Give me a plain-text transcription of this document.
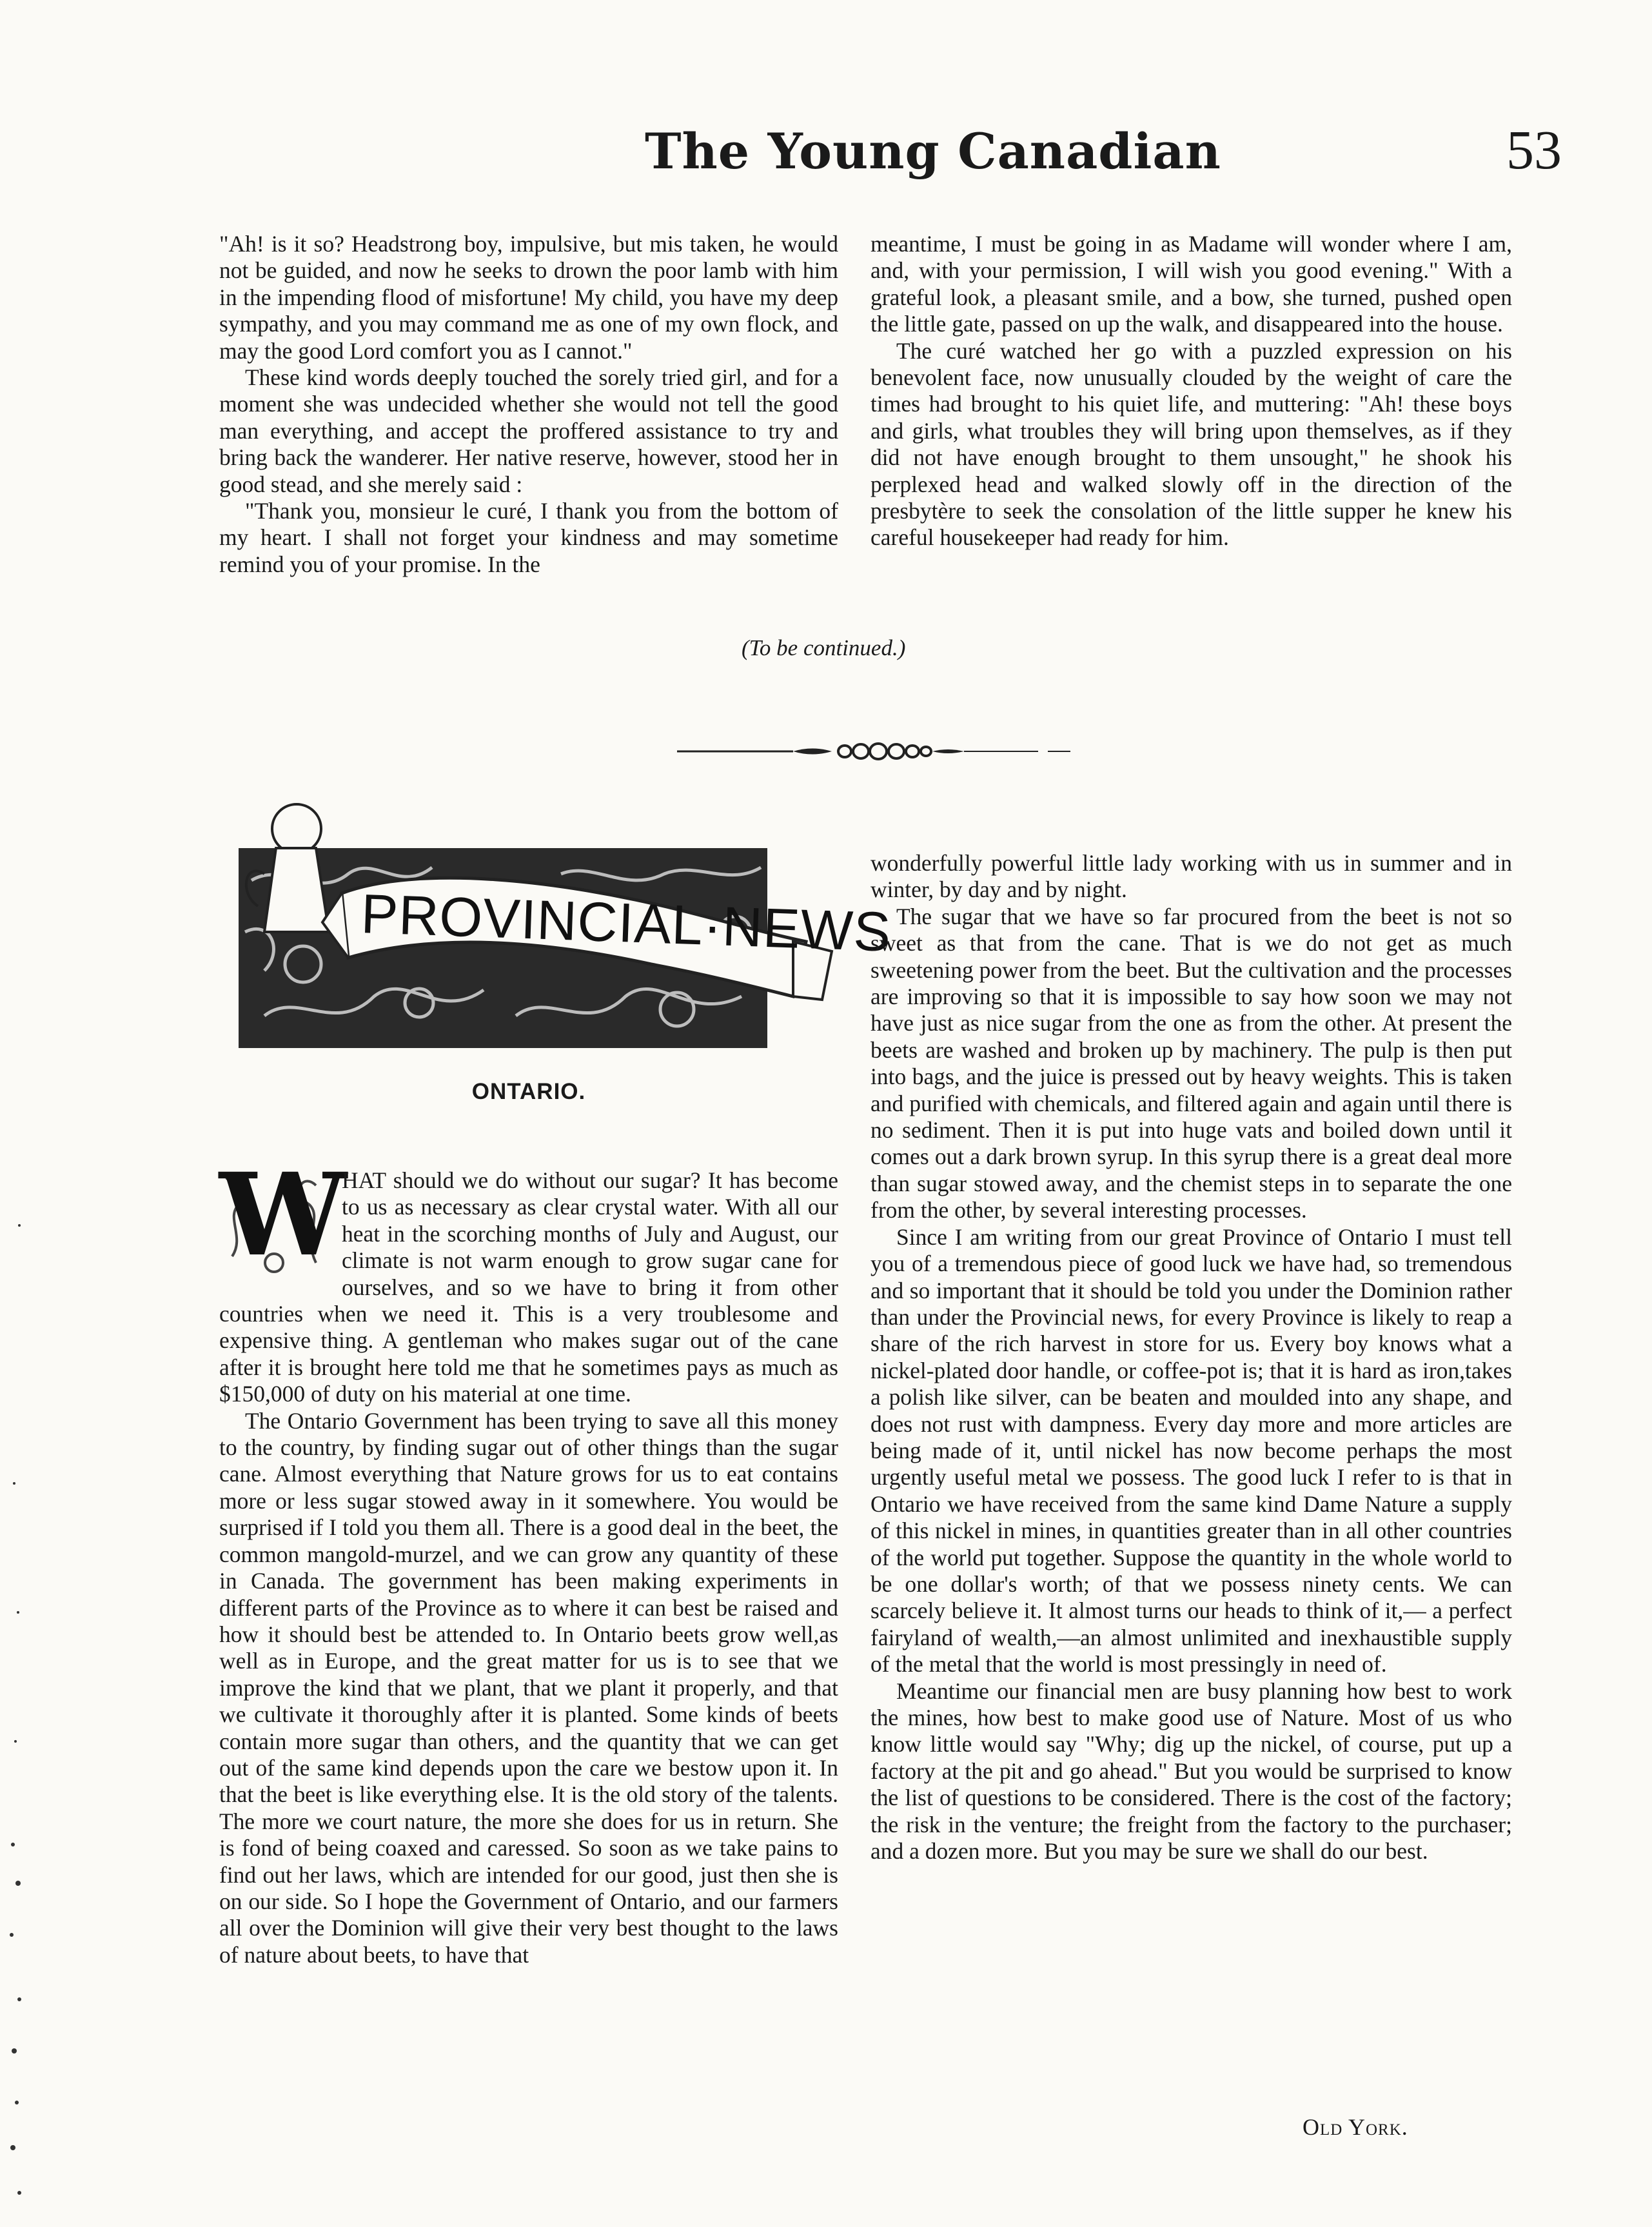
The Young Canadian	53

"Ah! is it so? Headstrong boy, impulsive, but mis taken, he would not be guided, and now he seeks to drown the poor lamb with him in the impending flood of misfortune! My child, you have my deep sympathy, and you may command me as one of my own flock, and may the good Lord comfort you as I cannot."

These kind words deeply touched the sorely tried girl, and for a moment she was undecided whether she would not tell the good man everything, and accept the proffered assistance to try and bring back the wanderer. Her native reserve, however, stood her in good stead, and she merely said :

"Thank you, monsieur le curé, I thank you from the bottom of my heart. I shall not forget your kindness and may sometime remind you of your promise. In the

meantime, I must be going in as Madame will wonder where I am, and, with your permission, I will wish you good evening." With a grateful look, a pleasant smile, and a bow, she turned, pushed open the little gate, passed on up the walk, and disappeared into the house.

The curé watched her go with a puzzled expression on his benevolent face, now unusually clouded by the weight of care the times had brought to his quiet life, and muttering: "Ah! these boys and girls, what troubles they will bring upon themselves, as if they did not have enough brought to them unsought," he shook his perplexed head and walked slowly off in the direction of the presbytère to seek the consolation of the little supper he knew his careful housekeeper had ready for him.

(To be continued.)
PROVINCIAL·NEWS
ONTARIO.
W

HAT should we do without our sugar? It has become to us as necessary as clear crystal water. With all our heat in the scorching months of July and August, our climate is not warm enough to grow sugar cane for ourselves, and so we have to bring it from other countries when we need it. This is a very troublesome and expensive thing. A gentleman who makes sugar out of the cane after it is brought here told me that he sometimes pays as much as $150,000 of duty on his material at one time.

The Ontario Government has been trying to save all this money to the country, by finding sugar out of other things than the sugar cane. Almost everything that Nature grows for us to eat contains more or less sugar stowed away in it somewhere. You would be surprised if I told you them all. There is a good deal in the beet, the common mangold-murzel, and we can grow any quantity of these in Canada. The government has been making experiments in different parts of the Province as to where it can best be raised and how it should best be attended to. In Ontario beets grow well,as well as in Europe, and the great matter for us is to see that we improve the kind that we plant, that we plant it properly, and that we cultivate it thoroughly after it is planted. Some kinds of beets contain more sugar than others, and the quantity that we can get out of the same kind depends upon the care we bestow upon it. In that the beet is like everything else. It is the old story of the talents. The more we court nature, the more she does for us in return. She is fond of being coaxed and caressed. So soon as we take pains to find out her laws, which are intended for our good, just then she is on our side. So I hope the Government of Ontario, and our farmers all over the Dominion will give their very best thought to the laws of nature about beets, to have that

wonderfully powerful little lady working with us in summer and in winter, by day and by night.

The sugar that we have so far procured from the beet is not so sweet as that from the cane. That is we do not get as much sweetening power from the beet. But the cultivation and the processes are improving so that it is impossible to say how soon we may not have just as nice sugar from the one as from the other. At present the beets are washed and broken up by machinery. The pulp is then put into bags, and the juice is pressed out by heavy weights. This is taken and purified with chemicals, and filtered again and again until there is no sediment. Then it is put into huge vats and boiled down until it comes out a dark brown syrup. In this syrup there is a great deal more than sugar stowed away, and the chemist steps in to separate the one from the other, by several interesting processes.

Since I am writing from our great Province of Ontario I must tell you of a tremendous piece of good luck we have had, so tremendous and so important that it should be told you under the Dominion rather than under the Provincial news, for every Province is likely to reap a share of the rich harvest in store for us. Every boy knows what a nickel-plated door handle, or coffee-pot is; that it is hard as iron,takes a polish like silver, can be beaten and moulded into any shape, and does not rust with dampness. Every day more and more articles are being made of it, until nickel has now become perhaps the most urgently useful metal we possess. The good luck I refer to is that in Ontario we have received from the same kind Dame Nature a supply of this nickel in mines, in quantities greater than in all other countries of the world put together. Suppose the quantity in the whole world to be one dollar's worth; of that we possess ninety cents. We can scarcely believe it. It almost turns our heads to think of it,— a perfect fairyland of wealth,—an almost unlimited and inexhaustible supply of the metal that the world is most pressingly in need of.

Meantime our financial men are busy planning how best to work the mines, how best to make good use of Nature. Most of us who know little would say "Why; dig up the nickel, of course, put up a factory at the pit and go ahead." But you would be surprised to know the list of questions to be considered. There is the cost of the factory; the risk in the venture; the freight from the factory to the purchaser; and a dozen more. But you may be sure we shall do our best.

Old York.
